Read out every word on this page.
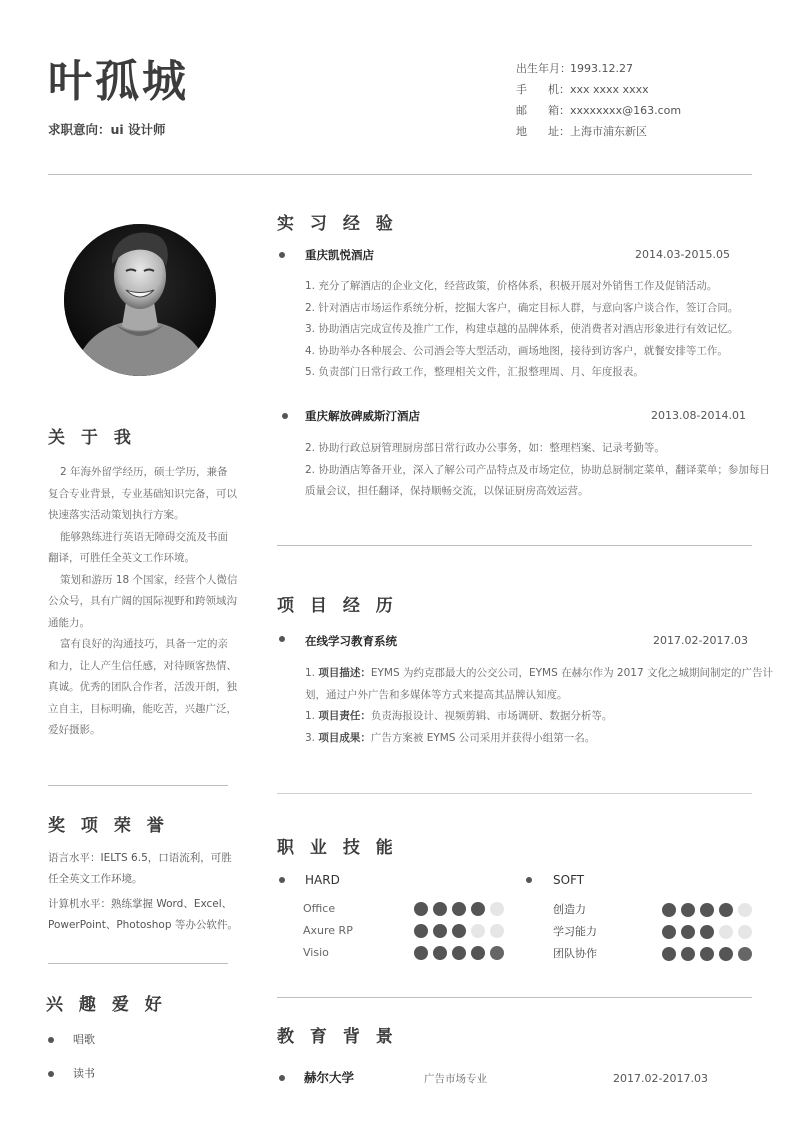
叶孤城
求职意向：ui 设计师
出生年月： 1993.12.27
手      机： xxx xxxx xxxx
邮      箱： xxxxxxxx@163.com
地      址： 上海市浦东新区
关 于 我

2 年海外留学经历，硕士学历，兼备复合专业背景，专业基础知识完备，可以快速落实活动策划执行方案。

能够熟练进行英语无障碍交流及书面翻译，可胜任全英文工作环境。

策划和游历 18 个国家，经营个人微信公众号，具有广阔的国际视野和跨领域沟通能力。

富有良好的沟通技巧，具备一定的亲和力，让人产生信任感，对待顾客热情、真诚。优秀的团队合作者，活泼开朗，独立自主，目标明确，能吃苦，兴趣广泛，爱好摄影。

奖 项 荣 誉

语言水平：IELTS 6.5，口语流利，可胜任全英文工作环境。

计算机水平：熟练掌握 Word、Excel、PowerPoint、Photoshop 等办公软件。

兴 趣 爱 好
唱歌
读书
实 习 经 验
重庆凯悦酒店	2014.03-2015.05
1. 充分了解酒店的企业文化，经营政策，价格体系，积极开展对外销售工作及促销活动。
2. 针对酒店市场运作系统分析，挖掘大客户，确定目标人群，与意向客户谈合作，签订合同。
3. 协助酒店完成宣传及推广工作，构建卓越的品牌体系，使消费者对酒店形象进行有效记忆。
4. 协助举办各种展会、公司酒会等大型活动，画场地图，接待到访客户，就餐安排等工作。
5. 负责部门日常行政工作，整理相关文件，汇报整理周、月、年度报表。
重庆解放碑威斯汀酒店	2013.08-2014.01
2. 协助行政总厨管理厨房部日常行政办公事务，如：整理档案、记录考勤等。
2. 协助酒店筹备开业，深入了解公司产品特点及市场定位，协助总厨制定菜单，翻译菜单；参加每日质量会议，担任翻译，保持顺畅交流，以保证厨房高效运营。
项 目 经 历
在线学习教育系统	2017.02-2017.03
1. 项目描述：EYMS 为约克郡最大的公交公司，EYMS 在赫尔作为 2017 文化之城期间制定的广告计划，通过户外广告和多媒体等方式来提高其品牌认知度。
1. 项目责任：负责海报设计、视频剪辑、市场调研、数据分析等。
3. 项目成果：广告方案被 EYMS 公司采用并获得小组第一名。
职 业 技 能
HARD
Office
Axure RP
Visio
SOFT
创造力
学习能力
团队协作
教 育 背 景
赫尔大学	广告市场专业	2017.02-2017.03
